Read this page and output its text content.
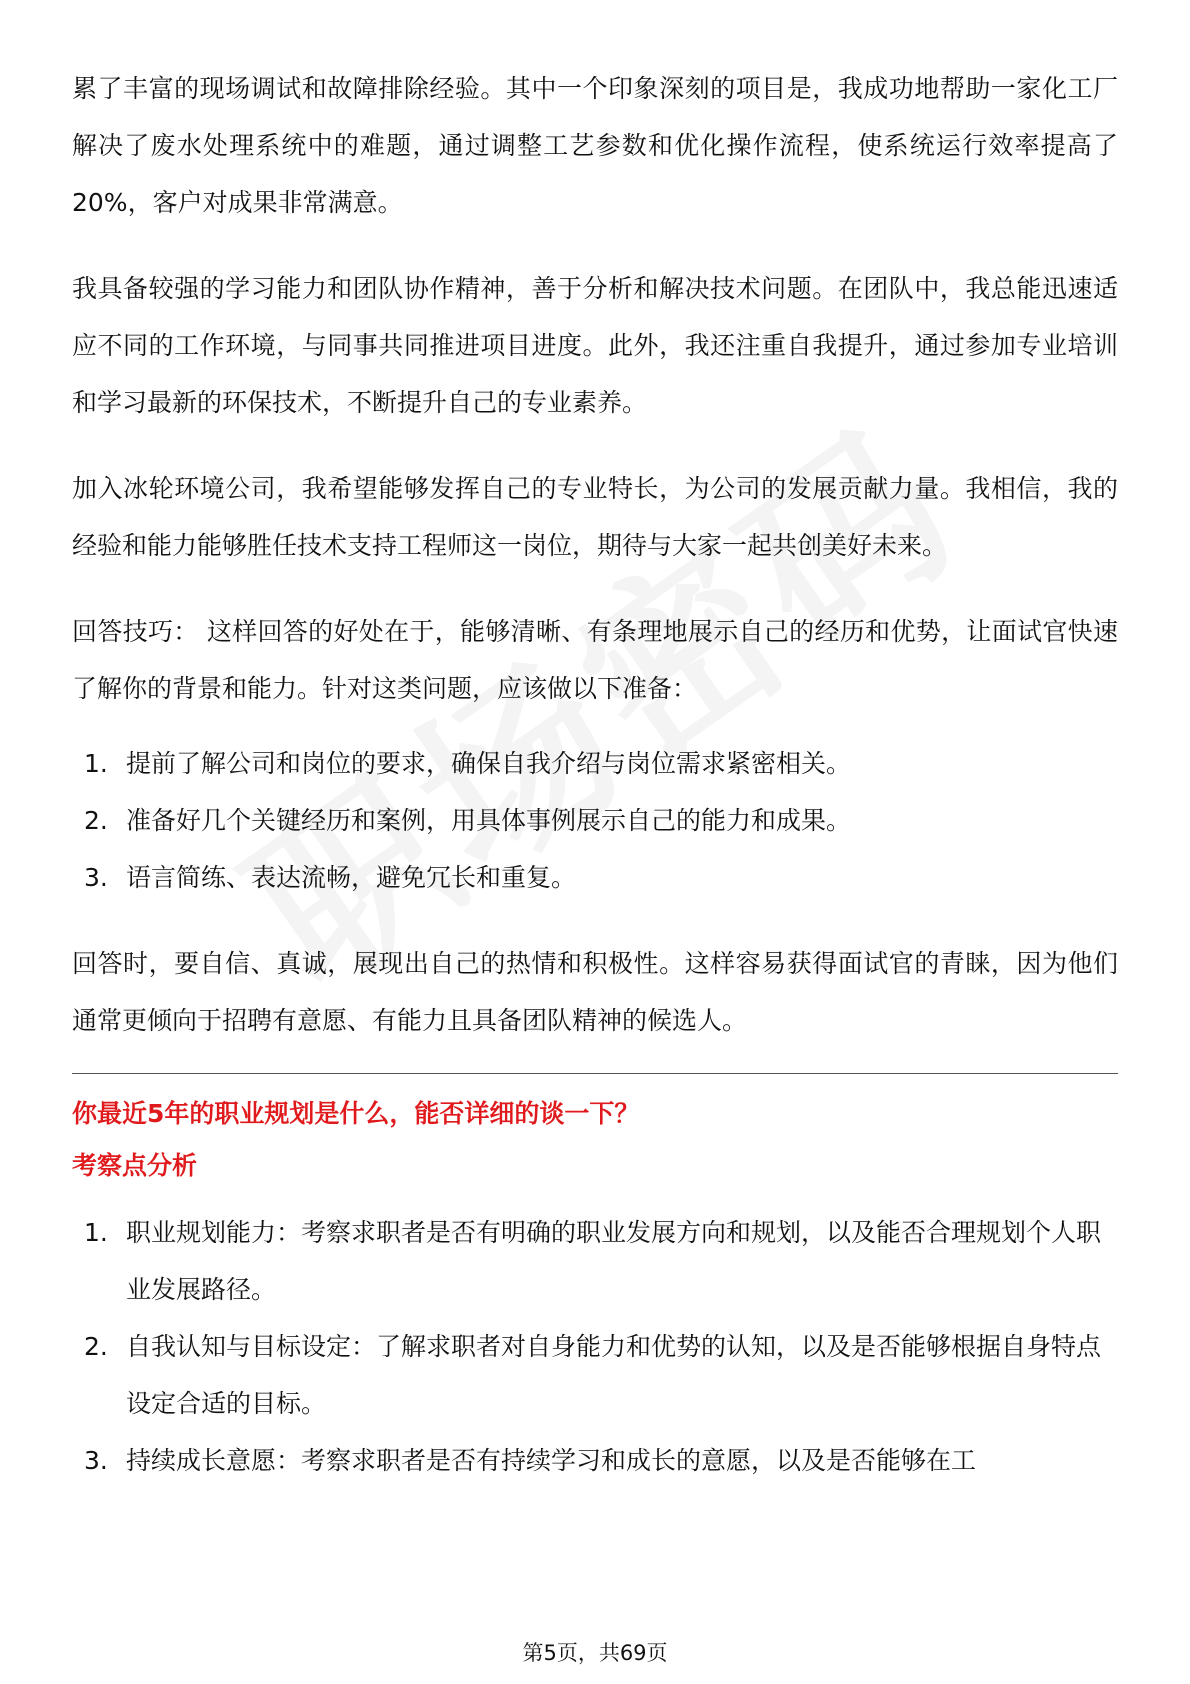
累了丰富的现场调试和故障排除经验。其中一个印象深刻的项目是，我成功地帮助一家化工厂解决了废水处理系统中的难题，通过调整工艺参数和优化操作流程，使系统运行效率提高了20%，客户对成果非常满意。

我具备较强的学习能力和团队协作精神，善于分析和解决技术问题。在团队中，我总能迅速适应不同的工作环境，与同事共同推进项目进度。此外，我还注重自我提升，通过参加专业培训和学习最新的环保技术，不断提升自己的专业素养。

加入冰轮环境公司，我希望能够发挥自己的专业特长，为公司的发展贡献力量。我相信，我的经验和能力能够胜任技术支持工程师这一岗位，期待与大家一起共创美好未来。

回答技巧： 这样回答的好处在于，能够清晰、有条理地展示自己的经历和优势，让面试官快速了解你的背景和能力。针对这类问题，应该做以下准备：

1. 提前了解公司和岗位的要求，确保自我介绍与岗位需求紧密相关。
2. 准备好几个关键经历和案例，用具体事例展示自己的能力和成果。
3. 语言简练、表达流畅，避免冗长和重复。

回答时，要自信、真诚，展现出自己的热情和积极性。这样容易获得面试官的青睐，因为他们通常更倾向于招聘有意愿、有能力且具备团队精神的候选人。

你最近5年的职业规划是什么，能否详细的谈一下？

考察点分析

1. 职业规划能力：考察求职者是否有明确的职业发展方向和规划，以及能否合理规划个人职业发展路径。
2. 自我认知与目标设定：了解求职者对自身能力和优势的认知，以及是否能够根据自身特点设定合适的目标。
3. 持续成长意愿：考察求职者是否有持续学习和成长的意愿，以及是否能够在工
第5页，共69页
